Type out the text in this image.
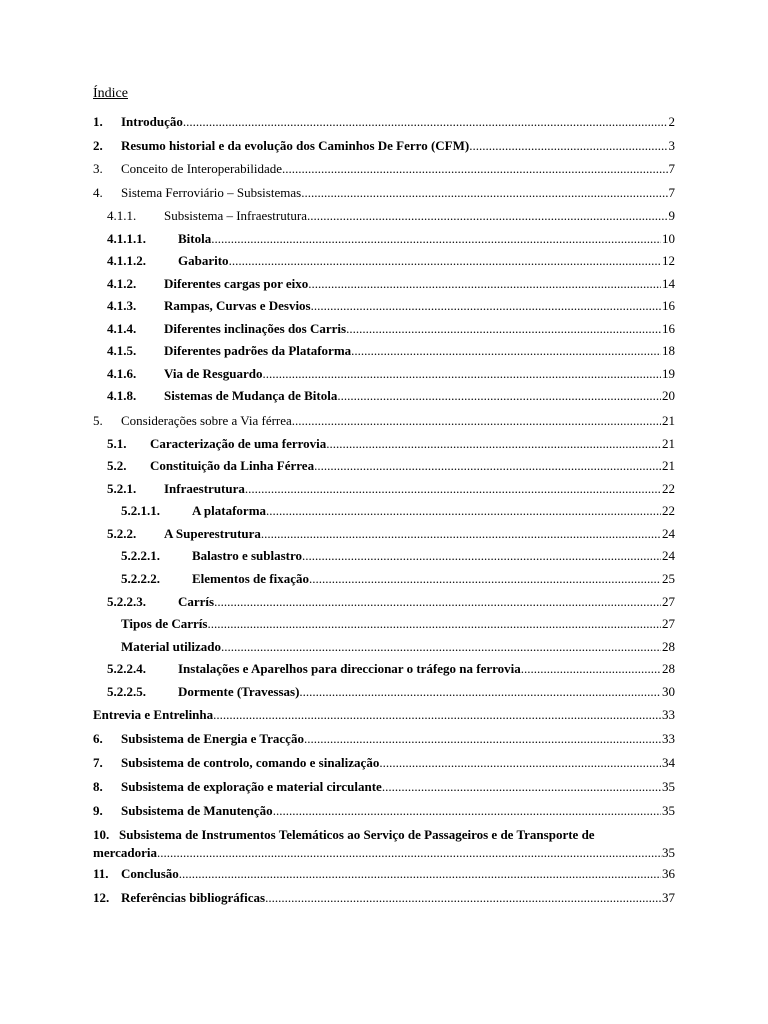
Índice
1. Introdução .....	2
2. Resumo historial e da evolução dos Caminhos De Ferro (CFM) .....	3
3. Conceito de Interoperabilidade .....	7
4. Sistema Ferroviário – Subsistemas .....	7
4.1.1. Subsistema – Infraestrutura .....	9
4.1.1.1. Bitola .....	10
4.1.1.2. Gabarito .....	12
4.1.2. Diferentes cargas por eixo .....	14
4.1.3. Rampas, Curvas e Desvios .....	16
4.1.4. Diferentes inclinações dos Carris .....	16
4.1.5. Diferentes padrões da Plataforma .....	18
4.1.6. Via de Resguardo .....	19
4.1.8. Sistemas de Mudança de Bitola .....	20
5. Considerações sobre a Via férrea .....	21
5.1. Caracterização de uma ferrovia .....	21
5.2. Constituição da Linha Férrea .....	21
5.2.1. Infraestrutura .....	22
5.2.1.1. A plataforma .....	22
5.2.2. A Superestrutura .....	24
5.2.2.1. Balastro e sublastro .....	24
5.2.2.2. Elementos de fixação .....	25
5.2.2.3. Carrís .....	27
Tipos de Carrís .....	27
Material utilizado .....	28
5.2.2.4. Instalações e Aparelhos para direccionar o tráfego na ferrovia .....	28
5.2.2.5. Dormente (Travessas) .....	30
Entrevia e Entrelinha .....	33
6. Subsistema de Energia e Tracção .....	33
7. Subsistema de controlo, comando e sinalização .....	34
8. Subsistema de exploração e material circulante .....	35
9. Subsistema de Manutenção .....	35
10. Subsistema de Instrumentos Telemáticos ao Serviço de Passageiros e de Transporte de
mercadoria .....	35
11. Conclusão .....	36
12. Referências bibliográficas .....	37
